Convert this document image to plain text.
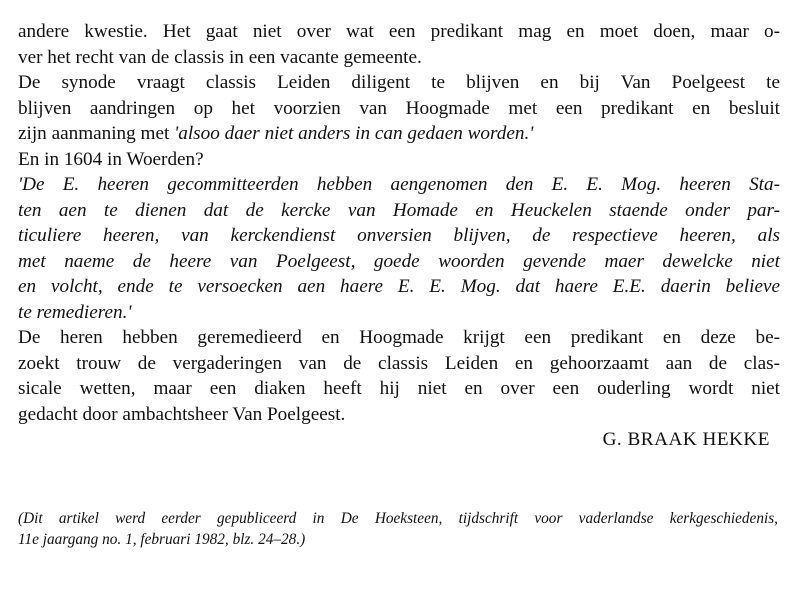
andere kwestie. Het gaat niet over wat een predikant mag en moet doen, maar o-
ver het recht van de classis in een vacante gemeente.
De synode vraagt classis Leiden diligent te blijven en bij Van Poelgeest te
blijven aandringen op het voorzien van Hoogmade met een predikant en besluit
zijn aanmaning met 'alsoo daer niet anders in can gedaen worden.'
En in 1604 in Woerden?
'De E. heeren gecommitteerden hebben aengenomen den E. E. Mog. heeren Sta-
ten aen te dienen dat de kercke van Homade en Heuckelen staende onder par-
ticuliere heeren, van kerckendienst onversien blijven, de respectieve heeren, als
met naeme de heere van Poelgeest, goede woorden gevende maer dewelcke niet
en volcht, ende te versoecken aen haere E. E. Mog. dat haere E.E. daerin believe
te remedieren.'
De heren hebben geremedieerd en Hoogmade krijgt een predikant en deze be-
zoekt trouw de vergaderingen van de classis Leiden en gehoorzaamt aan de clas-
sicale wetten, maar een diaken heeft hij niet en over een ouderling wordt niet
gedacht door ambachtsheer Van Poelgeest.
G. BRAAK HEKKE
(Dit artikel werd eerder gepubliceerd in De Hoeksteen, tijdschrift voor vaderlandse kerkgeschiedenis,
11e jaargang no. 1, februari 1982, blz. 24–28.)
